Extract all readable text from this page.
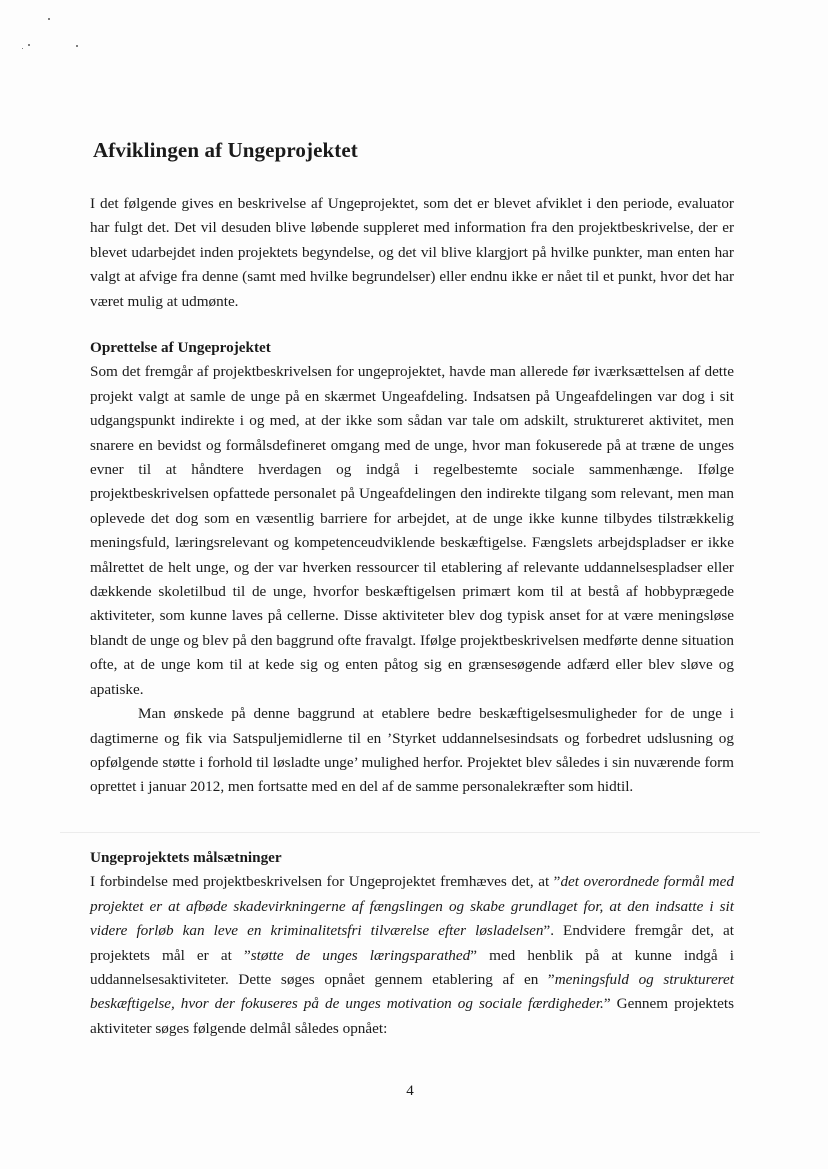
Afviklingen af Ungeprojektet

I det følgende gives en beskrivelse af Ungeprojektet, som det er blevet afviklet i den periode, evaluator har fulgt det. Det vil desuden blive løbende suppleret med information fra den projektbeskrivelse, der er blevet udarbejdet inden projektets begyndelse, og det vil blive klargjort på hvilke punkter, man enten har valgt at afvige fra denne (samt med hvilke begrundelser) eller endnu ikke er nået til et punkt, hvor det har været mulig at udmønte.

Oprettelse af Ungeprojektet

Som det fremgår af projektbeskrivelsen for ungeprojektet, havde man allerede før iværksættelsen af dette projekt valgt at samle de unge på en skærmet Ungeafdeling. Indsatsen på Ungeafdelingen var dog i sit udgangspunkt indirekte i og med, at der ikke som sådan var tale om adskilt, struktureret aktivitet, men snarere en bevidst og formålsdefineret omgang med de unge, hvor man fokuserede på at træne de unges evner til at håndtere hverdagen og indgå i regelbestemte sociale sammenhænge. Ifølge projektbeskrivelsen opfattede personalet på Ungeafdelingen den indirekte tilgang som relevant, men man oplevede det dog som en væsentlig barriere for arbejdet, at de unge ikke kunne tilbydes tilstrækkelig meningsfuld, læringsrelevant og kompetenceudviklende beskæftigelse. Fængslets arbejdspladser er ikke målrettet de helt unge, og der var hverken ressourcer til etablering af relevante uddannelsespladser eller dækkende skoletilbud til de unge, hvorfor beskæftigelsen primært kom til at bestå af hobbyprægede aktiviteter, som kunne laves på cellerne. Disse aktiviteter blev dog typisk anset for at være meningsløse blandt de unge og blev på den baggrund ofte fravalgt. Ifølge projektbeskrivelsen medførte denne situation ofte, at de unge kom til at kede sig og enten påtog sig en grænsesøgende adfærd eller blev sløve og apatiske.

Man ønskede på denne baggrund at etablere bedre beskæftigelsesmuligheder for de unge i dagtimerne og fik via Satspuljemidlerne til en ’Styrket uddannelsesindsats og forbedret udslusning og opfølgende støtte i forhold til løsladte unge’ mulighed herfor. Projektet blev således i sin nuværende form oprettet i januar 2012, men fortsatte med en del af de samme personalekræfter som hidtil.

Ungeprojektets målsætninger

I forbindelse med projektbeskrivelsen for Ungeprojektet fremhæves det, at ”det overordnede formål med projektet er at afbøde skadevirkningerne af fængslingen og skabe grundlaget for, at den indsatte i sit videre forløb kan leve en kriminalitetsfri tilværelse efter løsladelsen”. Endvidere fremgår det, at projektets mål er at ”støtte de unges læringsparathed” med henblik på at kunne indgå i uddannelsesaktiviteter. Dette søges opnået gennem etablering af en ”meningsfuld og struktureret beskæftigelse, hvor der fokuseres på de unges motivation og sociale færdigheder.” Gennem projektets aktiviteter søges følgende delmål således opnået:

4
